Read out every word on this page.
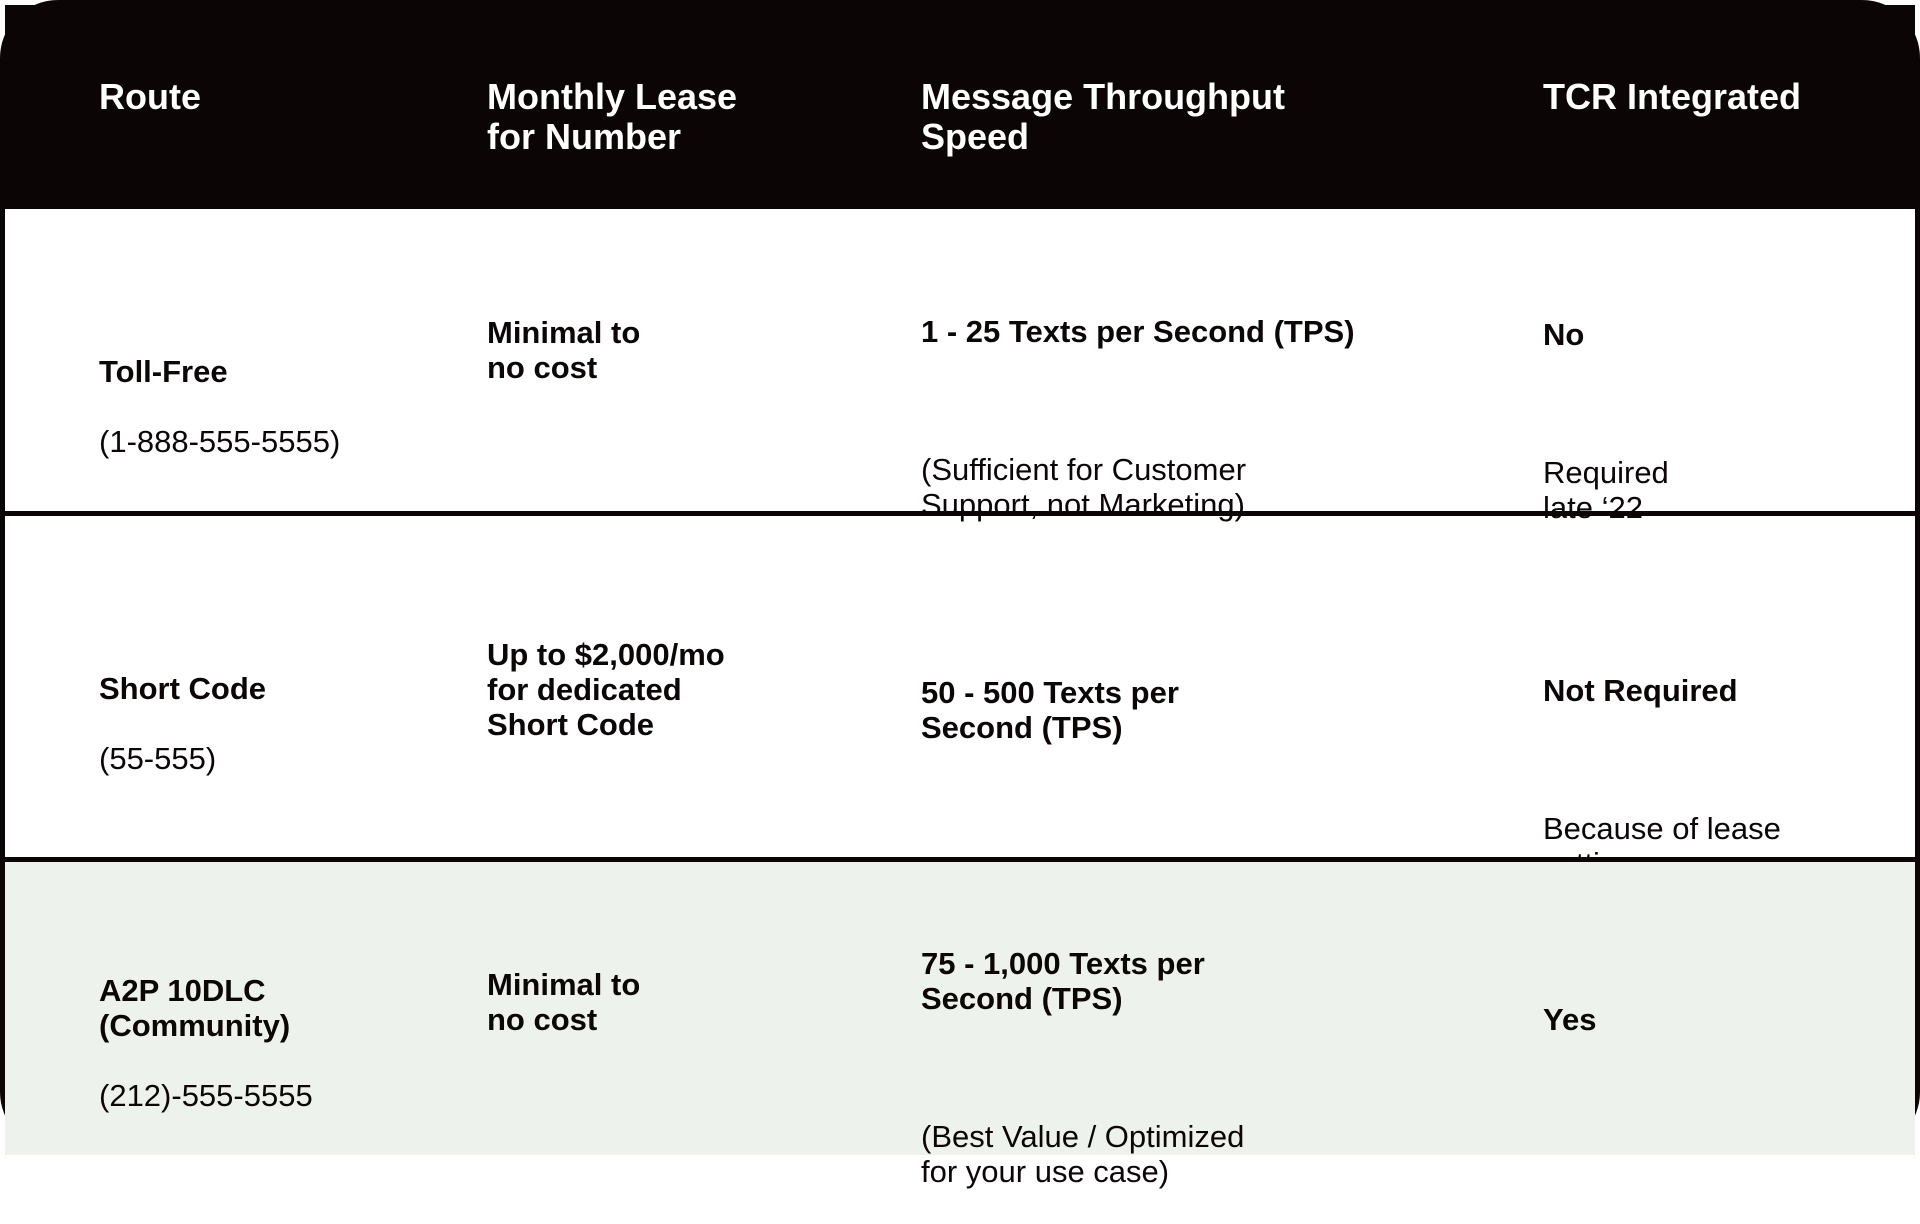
Route	Monthly Lease
for Number
Message Throughput
Speed
TCR Integrated

Toll-Free

(1-888-555-5555)

Minimal to
no cost

1 - 25 Texts per Second (TPS)

(Sufficient for Customer
Support, not Marketing)

No

Required
late ‘22

Short Code

(55-555)

Up to $2,000/mo
for dedicated
Short Code

50 - 500 Texts per
Second (TPS)

Not Required

Because of lease

A2P 10DLC
(Community)

(212)-555-5555

Minimal to
no cost

75 - 1,000 Texts per
Second (TPS)

(Best Value / Optimized
for your use case)

Yes
